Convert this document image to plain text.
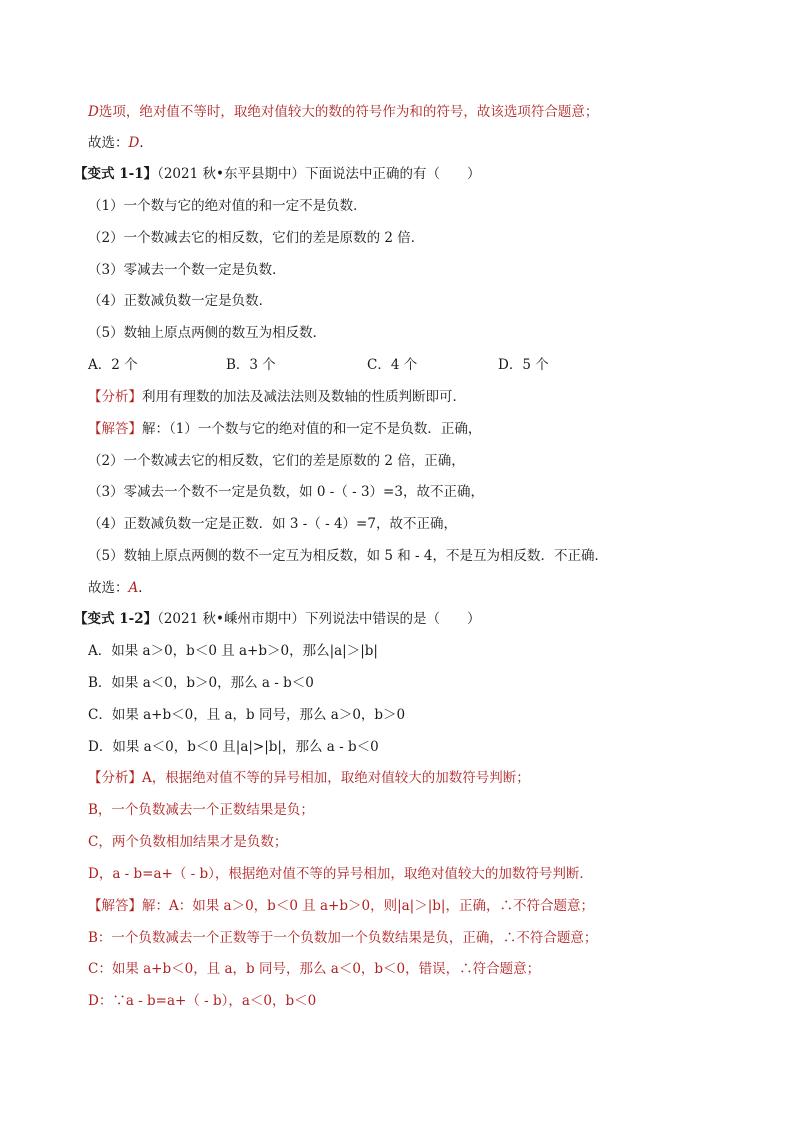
D选项，绝对值不等时，取绝对值较大的数的符号作为和的符号，故该选项符合题意；
故选：D．
【变式 1-1】（2021 秋•东平县期中）下面说法中正确的有（　　）
（1）一个数与它的绝对值的和一定不是负数．
（2）一个数减去它的相反数，它们的差是原数的 2 倍．
（3）零减去一个数一定是负数．
（4）正数减负数一定是负数．
（5）数轴上原点两侧的数互为相反数．
A．2 个	B．3 个	C．4 个	D．5 个
【分析】利用有理数的加法及减法法则及数轴的性质判断即可．
【解答】解：（1）一个数与它的绝对值的和一定不是负数．正确，
（2）一个数减去它的相反数，它们的差是原数的 2 倍，正确，
（3）零减去一个数不一定是负数，如 0 -（ - 3）=3，故不正确，
（4）正数减负数一定是正数．如 3 -（ - 4）=7，故不正确，
（5）数轴上原点两侧的数不一定互为相反数，如 5 和 - 4，不是互为相反数．不正确．
故选：A．
【变式 1-2】（2021 秋•嵊州市期中）下列说法中错误的是（　　）
A．如果 a＞0，b＜0 且 a+b＞0，那么|a|＞|b|
B．如果 a＜0，b＞0，那么 a - b＜0
C．如果 a+b＜0，且 a，b 同号，那么 a＞0，b＞0
D．如果 a＜0，b＜0 且|a|>|b|，那么 a - b＜0
【分析】A，根据绝对值不等的异号相加，取绝对值较大的加数符号判断；
B，一个负数减去一个正数结果是负；
C，两个负数相加结果才是负数；
D，a - b=a+（ - b），根据绝对值不等的异号相加，取绝对值较大的加数符号判断．
【解答】解：A：如果 a＞0，b＜0 且 a+b＞0，则|a|＞|b|，正确，∴不符合题意；
B：一个负数减去一个正数等于一个负数加一个负数结果是负，正确，∴不符合题意；
C：如果 a+b＜0，且 a，b 同号，那么 a＜0，b＜0，错误，∴符合题意；
D：∵a - b=a+（ - b），a＜0，b＜0
